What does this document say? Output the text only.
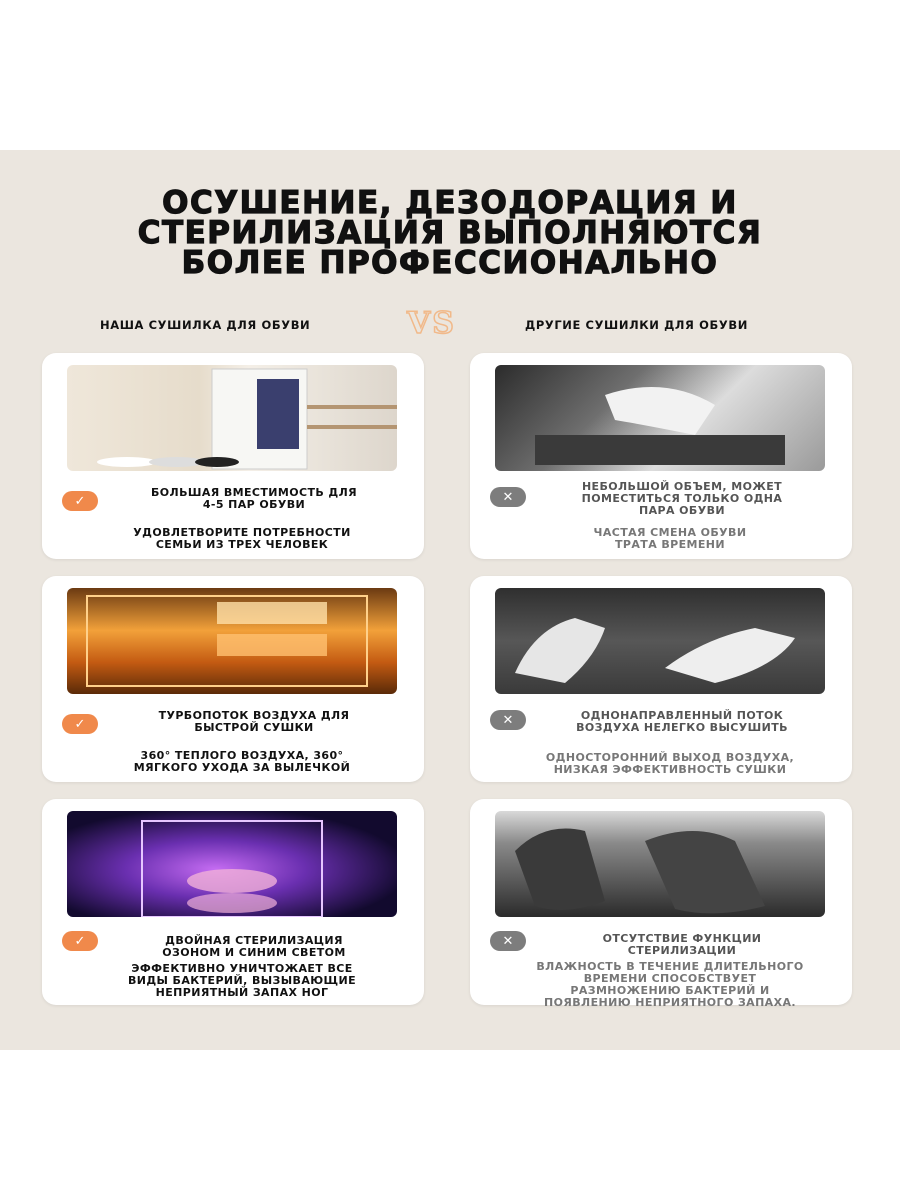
ОСУШЕНИЕ, ДЕЗОДОРАЦИЯ И
СТЕРИЛИЗАЦИЯ ВЫПОЛНЯЮТСЯ
БОЛЕЕ ПРОФЕССИОНАЛЬНО
НАША СУШИЛКА ДЛЯ ОБУВИ	VS	ДРУГИЕ СУШИЛКИ ДЛЯ ОБУВИ
✓
БОЛЬШАЯ ВМЕСТИМОСТЬ ДЛЯ
4-5 ПАР ОБУВИ
УДОВЛЕТВОРИТЕ ПОТРЕБНОСТИ
СЕМЬИ ИЗ ТРЕХ ЧЕЛОВЕК
✓
ТУРБОПОТОК ВОЗДУХА ДЛЯ
БЫСТРОЙ СУШКИ
360° ТЕПЛОГО ВОЗДУХА, 360°
МЯГКОГО УХОДА ЗА ВЫЛЕЧКОЙ
✓	ДВОЙНАЯ СТЕРИЛИЗАЦИЯ
ОЗОНОМ И СИНИМ СВЕТОМ
ЭФФЕКТИВНО УНИЧТОЖАЕТ ВСЕ
ВИДЫ БАКТЕРИЙ, ВЫЗЫВАЮЩИЕ
НЕПРИЯТНЫЙ ЗАПАХ НОГ
✕
НЕБОЛЬШОЙ ОБЪЕМ, МОЖЕТ
ПОМЕСТИТЬСЯ ТОЛЬКО ОДНА
ПАРА ОБУВИ
ЧАСТАЯ СМЕНА ОБУВИ
ТРАТА ВРЕМЕНИ
✕	ОДНОНАПРАВЛЕННЫЙ ПОТОК
ВОЗДУХА НЕЛЕГКО ВЫСУШИТЬ
ОДНОСТОРОННИЙ ВЫХОД ВОЗДУХА,
НИЗКАЯ ЭФФЕКТИВНОСТЬ СУШКИ
✕	ОТСУТСТВИЕ ФУНКЦИИ
СТЕРИЛИЗАЦИИ
ВЛАЖНОСТЬ В ТЕЧЕНИЕ ДЛИТЕЛЬНОГО
ВРЕМЕНИ СПОСОБСТВУЕТ
РАЗМНОЖЕНИЮ БАКТЕРИЙ И
ПОЯВЛЕНИЮ НЕПРИЯТНОГО ЗАПАХА.
